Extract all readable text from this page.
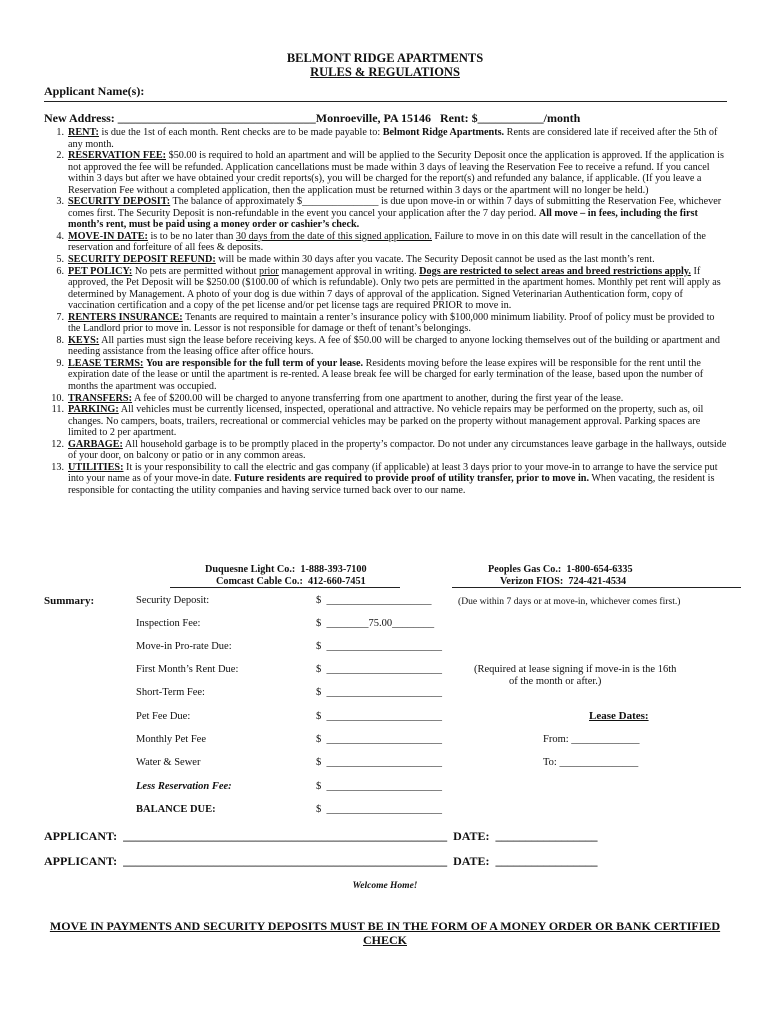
BELMONT RIDGE APARTMENTS
RULES & REGULATIONS
Applicant Name(s):
New Address: _________________________________Monroeville, PA 15146 Rent: $___________/month
1. RENT: is due the 1st of each month. Rent checks are to be made payable to: Belmont Ridge Apartments. Rents are considered late if received after the 5th of any month.
2. RESERVATION FEE: $50.00 is required to hold an apartment and will be applied to the Security Deposit once the application is approved. If the application is not approved the fee will be refunded. Application cancellations must be made within 3 days of leaving the Reservation Fee to receive a refund. If you cancel within 3 days but after we have obtained your credit reports(s), you will be charged for the report(s) and refunded any balance, if applicable. (If you leave a Reservation Fee without a completed application, then the application must be returned within 3 days or the apartment will no longer be held.)
3. SECURITY DEPOSIT: The balance of approximately $_______________ is due upon move-in or within 7 days of submitting the Reservation Fee, whichever comes first. The Security Deposit is non-refundable in the event you cancel your application after the 7 day period. All move – in fees, including the first month’s rent, must be paid using a money order or cashier’s check.
4. MOVE-IN DATE: is to be no later than 30 days from the date of this signed application. Failure to move in on this date will result in the cancellation of the reservation and forfeiture of all fees & deposits.
5. SECURITY DEPOSIT REFUND: will be made within 30 days after you vacate. The Security Deposit cannot be used as the last month’s rent.
6. PET POLICY: No pets are permitted without prior management approval in writing. Dogs are restricted to select areas and breed restrictions apply. If approved, the Pet Deposit will be $250.00 ($100.00 of which is refundable). Only two pets are permitted in the apartment homes. Monthly pet rent will apply as determined by Management. A photo of your dog is due within 7 days of approval of the application. Signed Veterinarian Authentication form, copy of vaccination certification and a copy of the pet license and/or pet license tags are required PRIOR to move in.
7. RENTERS INSURANCE: Tenants are required to maintain a renter’s insurance policy with $100,000 minimum liability. Proof of policy must be provided to the Landlord prior to move in. Lessor is not responsible for damage or theft of tenant’s belongings.
8. KEYS: All parties must sign the lease before receiving keys. A fee of $50.00 will be charged to anyone locking themselves out of the building or apartment and needing assistance from the leasing office after office hours.
9. LEASE TERMS: You are responsible for the full term of your lease. Residents moving before the lease expires will be responsible for the rent until the expiration date of the lease or until the apartment is re-rented. A lease break fee will be charged for early termination of the lease, based upon the number of months the apartment was occupied.
10. TRANSFERS: A fee of $200.00 will be charged to anyone transferring from one apartment to another, during the first year of the lease.
11. PARKING: All vehicles must be currently licensed, inspected, operational and attractive. No vehicle repairs may be performed on the property, such as, oil changes. No campers, boats, trailers, recreational or commercial vehicles may be parked on the property without management approval. Parking spaces are limited to 2 per apartment.
12. GARBAGE: All household garbage is to be promptly placed in the property’s compactor. Do not under any circumstances leave garbage in the hallways, outside of your door, on balcony or patio or in any common areas.
13. UTILITIES: It is your responsibility to call the electric and gas company (if applicable) at least 3 days prior to your move-in to arrange to have the service put into your name as of your move-in date. Future residents are required to provide proof of utility transfer, prior to move in. When vacating, the resident is responsible for contacting the utility companies and having service turned back over to our name.
Duquesne Light Co.:  1-888-393-7100
Comcast Cable Co.:  412-660-7451
Peoples Gas Co.:  1-800-654-6335
Verizon FIOS:  724-421-4534
Summary:	Security Deposit:	$  ____________________	(Due within 7 days or at move-in, whichever comes first.)
Inspection Fee:	$  ________75.00________
Move-in Pro-rate Due:	$  ______________________
First Month’s Rent Due:	$  ______________________	(Required at lease signing if move-in is the 16th
of the month or after.)
Short-Term Fee:	$  ______________________
Pet Fee Due:	$  ______________________	Lease Dates:
Monthly Pet Fee	$  ______________________	From: _____________
Water & Sewer	$  ______________________	To: _______________
Less Reservation Fee:	$  ______________________
BALANCE DUE:	$  ______________________
APPLICANT: ______________________________________________________ DATE:  _________________
APPLICANT: ______________________________________________________ DATE:  _________________
Welcome Home!
MOVE IN PAYMENTS AND SECURITY DEPOSITS MUST BE IN THE FORM OF A MONEY ORDER OR BANK CERTIFIED CHECK
